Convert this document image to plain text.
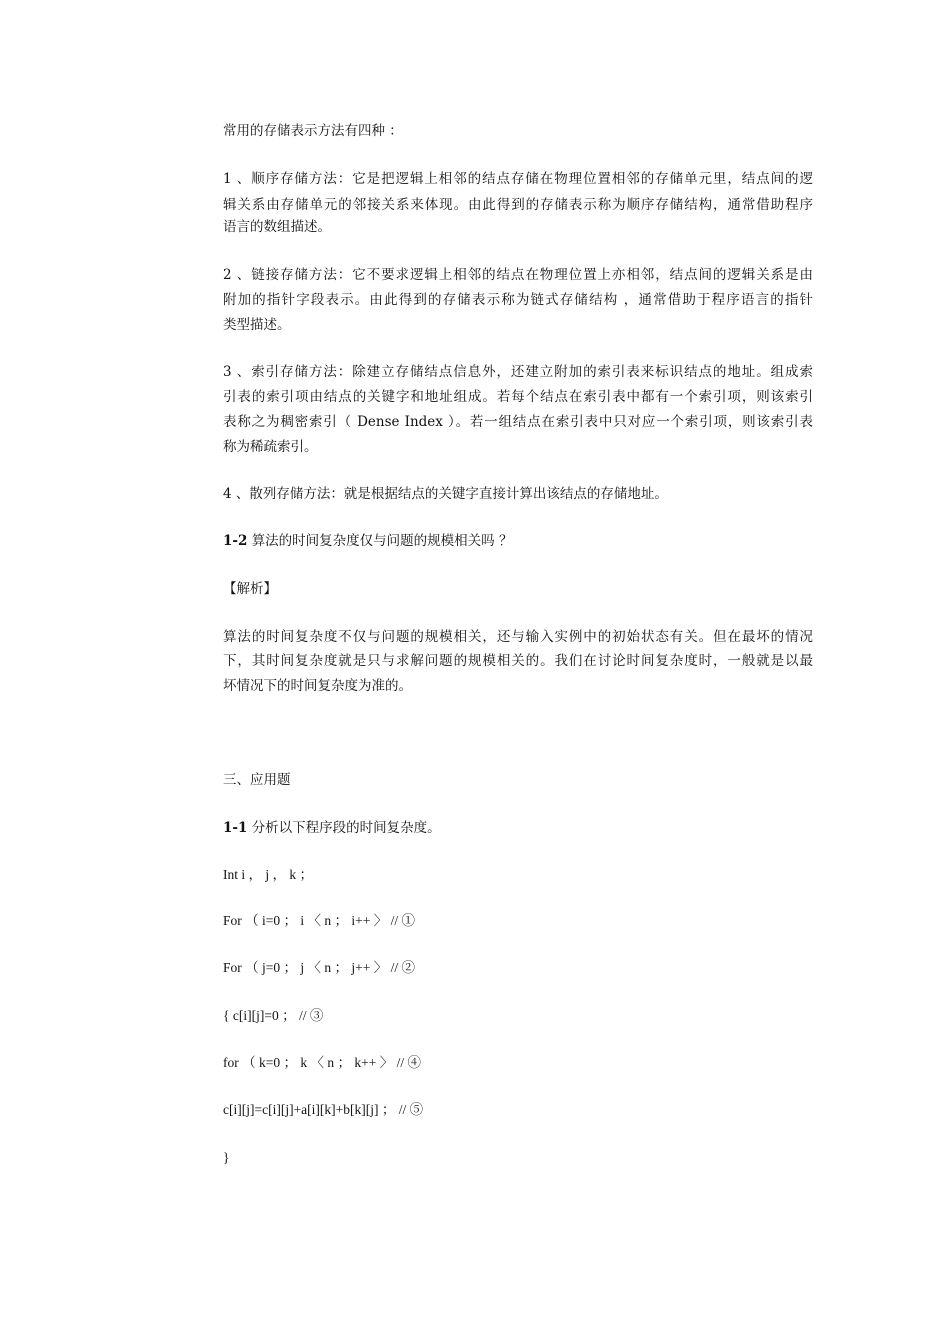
常用的存储表示方法有四种 ：
1 、顺序存储方法：它是把逻辑上相邻的结点存储在物理位置相邻的存储单元里，结点间的逻
辑关系由存储单元的邻接关系来体现。由此得到的存储表示称为顺序存储结构，通常借助程序
语言的数组描述。
2 、链接存储方法：它不要求逻辑上相邻的结点在物理位置上亦相邻，结点间的逻辑关系是由
附加的指针字段表示。由此得到的存储表示称为链式存储结构 ，通常借助于程序语言的指针
类型描述。
3 、索引存储方法：除建立存储结点信息外，还建立附加的索引表来标识结点的地址。组成索
引表的索引项由结点的关键字和地址组成。若每个结点在索引表中都有一个索引项，则该索引
表称之为稠密索引（ Dense Index ）。若一组结点在索引表中只对应一个索引项，则该索引表
称为稀疏索引。
4 、散列存储方法：就是根据结点的关键字直接计算出该结点的存储地址。
1-2 算法的时间复杂度仅与问题的规模相关吗 ？
【解析】
算法的时间复杂度不仅与问题的规模相关，还与输入实例中的初始状态有关。但在最坏的情况
下，其时间复杂度就是只与求解问题的规模相关的。我们在讨论时间复杂度时，一般就是以最
坏情况下的时间复杂度为准的。
三、应用题
1-1 分析以下程序段的时间复杂度。
Int i ， j ， k ；
For （ i=0 ； i 〈 n ； i++ 〉 // ①
For （ j=0 ； j 〈 n ； j++ 〉 // ②
{ c[i][j]=0 ； // ③
for （ k=0 ； k 〈 n ； k++ 〉 // ④
c[i][j]=c[i][j]+a[i][k]+b[k][j] ； // ⑤
}
